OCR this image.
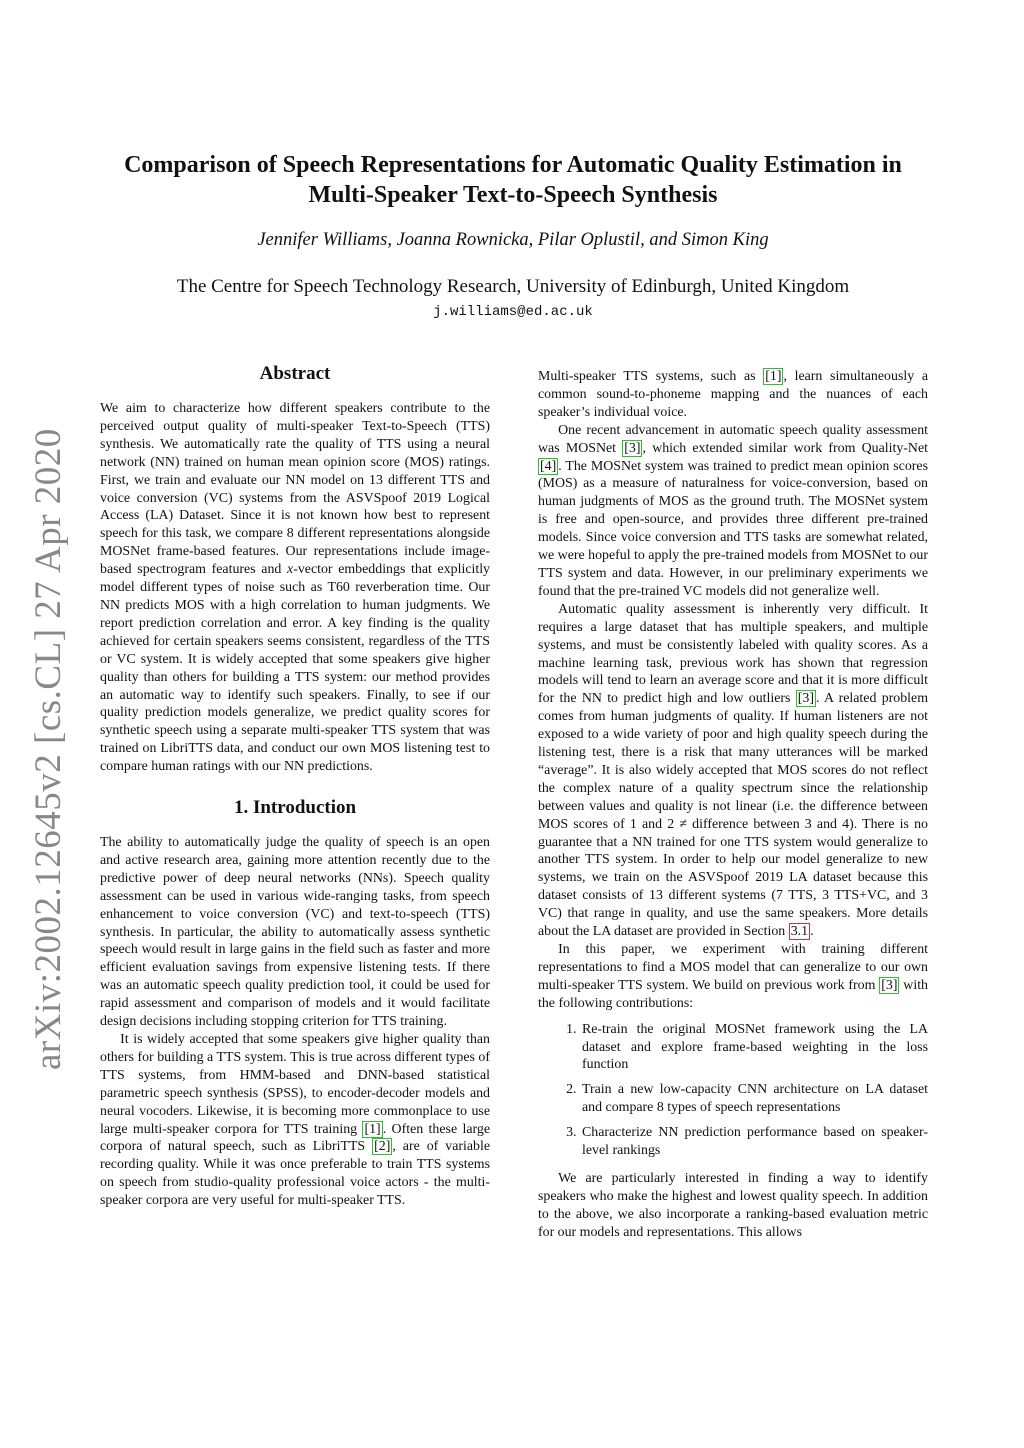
arXiv:2002.12645v2 [cs.CL] 27 Apr 2020
Comparison of Speech Representations for Automatic Quality Estimation in Multi-Speaker Text-to-Speech Synthesis
Jennifer Williams, Joanna Rownicka, Pilar Oplustil, and Simon King
The Centre for Speech Technology Research, University of Edinburgh, United Kingdom
j.williams@ed.ac.uk
Abstract

We aim to characterize how different speakers contribute to the perceived output quality of multi-speaker Text-to-Speech (TTS) synthesis. We automatically rate the quality of TTS using a neural network (NN) trained on human mean opinion score (MOS) ratings. First, we train and evaluate our NN model on 13 different TTS and voice conversion (VC) systems from the ASVSpoof 2019 Logical Access (LA) Dataset. Since it is not known how best to represent speech for this task, we compare 8 different representations alongside MOSNet frame-based features. Our representations include image-based spectrogram features and x-vector embeddings that explicitly model different types of noise such as T60 reverberation time. Our NN predicts MOS with a high correlation to human judgments. We report prediction correlation and error. A key finding is the quality achieved for certain speakers seems consistent, regardless of the TTS or VC system. It is widely accepted that some speakers give higher quality than others for building a TTS system: our method provides an automatic way to identify such speakers. Finally, to see if our quality prediction models generalize, we predict quality scores for synthetic speech using a separate multi-speaker TTS system that was trained on LibriTTS data, and conduct our own MOS listening test to compare human ratings with our NN predictions.

1. Introduction

The ability to automatically judge the quality of speech is an open and active research area, gaining more attention recently due to the predictive power of deep neural networks (NNs). Speech quality assessment can be used in various wide-ranging tasks, from speech enhancement to voice conversion (VC) and text-to-speech (TTS) synthesis. In particular, the ability to automatically assess synthetic speech would result in large gains in the field such as faster and more efficient evaluation savings from expensive listening tests. If there was an automatic speech quality prediction tool, it could be used for rapid assessment and comparison of models and it would facilitate design decisions including stopping criterion for TTS training.

It is widely accepted that some speakers give higher quality than others for building a TTS system. This is true across different types of TTS systems, from HMM-based and DNN-based statistical parametric speech synthesis (SPSS), to encoder-decoder models and neural vocoders. Likewise, it is becoming more commonplace to use large multi-speaker corpora for TTS training [1] . Often these large corpora of natural speech, such as LibriTTS [2] , are of variable recording quality. While it was once preferable to train TTS systems on speech from studio-quality professional voice actors - the multi-speaker corpora are very useful for multi-speaker TTS.

Multi-speaker TTS systems, such as [1] , learn simultaneously a common sound-to-phoneme mapping and the nuances of each speaker’s individual voice.

One recent advancement in automatic speech quality assessment was MOSNet [3] , which extended similar work from Quality-Net [4] . The MOSNet system was trained to predict mean opinion scores (MOS) as a measure of naturalness for voice-conversion, based on human judgments of MOS as the ground truth. The MOSNet system is free and open-source, and provides three different pre-trained models. Since voice conversion and TTS tasks are somewhat related, we were hopeful to apply the pre-trained models from MOSNet to our TTS system and data. However, in our preliminary experiments we found that the pre-trained VC models did not generalize well.

Automatic quality assessment is inherently very difficult. It requires a large dataset that has multiple speakers, and multiple systems, and must be consistently labeled with quality scores. As a machine learning task, previous work has shown that regression models will tend to learn an average score and that it is more difficult for the NN to predict high and low outliers [3] . A related problem comes from human judgments of quality. If human listeners are not exposed to a wide variety of poor and high quality speech during the listening test, there is a risk that many utterances will be marked “average”. It is also widely accepted that MOS scores do not reflect the complex nature of a quality spectrum since the relationship between values and quality is not linear (i.e. the difference between MOS scores of 1 and 2 ≠ difference between 3 and 4). There is no guarantee that a NN trained for one TTS system would generalize to another TTS system. In order to help our model generalize to new systems, we train on the ASVSpoof 2019 LA dataset because this dataset consists of 13 different systems (7 TTS, 3 TTS+VC, and 3 VC) that range in quality, and use the same speakers. More details about the LA dataset are provided in Section 3.1 .

In this paper, we experiment with training different representations to find a MOS model that can generalize to our own multi-speaker TTS system. We build on previous work from [3] with the following contributions:

1. Re-train the original MOSNet framework using the LA dataset and explore frame-based weighting in the loss function
2. Train a new low-capacity CNN architecture on LA dataset and compare 8 types of speech representations
3. Characterize NN prediction performance based on speaker-level rankings

We are particularly interested in finding a way to identify speakers who make the highest and lowest quality speech. In addition to the above, we also incorporate a ranking-based evaluation metric for our models and representations. This allows
